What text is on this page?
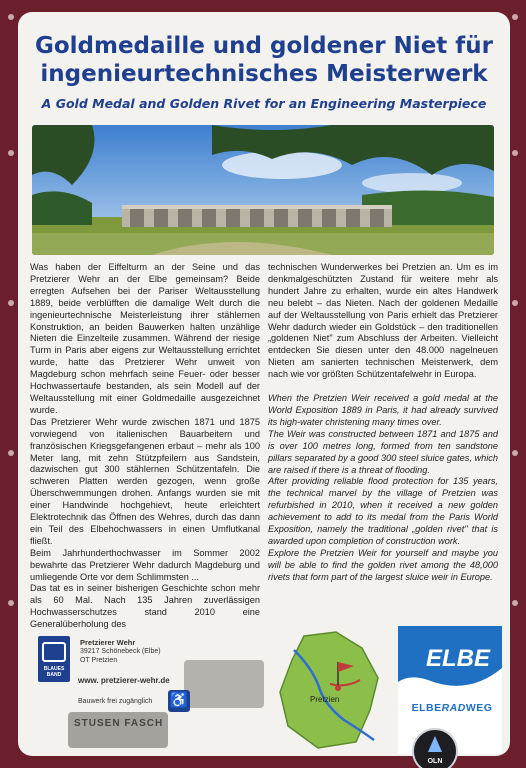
Goldmedaille und goldener Niet für
ingenieurtechnisches Meisterwerk
A Gold Medal and Golden Rivet for an Engineering Masterpiece

Was haben der Eiffelturm an der Seine und das Pretzierer Wehr an der Elbe gemeinsam? Beide erregten Aufsehen bei der Pariser Weltausstellung 1889, beide verblüfften die damalige Welt durch die ingenieurtechnische Meisterleistung ihrer stählernen Konstruktion, an beiden Bauwerken halten unzählige Nieten die Einzelteile zusammen. Während der riesige Turm in Paris aber eigens zur Weltausstellung errichtet wurde, hatte das Pretzierer Wehr unweit von Magdeburg schon mehrfach seine Feuer- oder besser Hochwassertaufe bestanden, als sein Modell auf der Weltausstellung mit einer Goldmedaille ausgezeichnet wurde.

Das Pretzierer Wehr wurde zwischen 1871 und 1875 vorwiegend von italienischen Bauarbeitern und französischen Kriegsgefangenen erbaut – mehr als 100 Meter lang, mit zehn Stützpfeilern aus Sandstein, dazwischen gut 300 stählernen Schützentafeln. Die schweren Platten werden gezogen, wenn große Überschwemmungen drohen. Anfangs wurden sie mit einer Handwinde hochgehievt, heute erleichtert Elektrotechnik das Öffnen des Wehres, durch das dann ein Teil des Elbehochwassers in einen Umflutkanal fließt.

Beim Jahrhunderthochwasser im Sommer 2002 bewahrte das Pretzierer Wehr dadurch Magdeburg und umliegende Orte vor dem Schlimmsten ...

Das tat es in seiner bisherigen Geschichte schon mehr als 60 Mal. Nach 135 Jahren zuverlässigen Hochwasserschutzes stand 2010 eine Generalüberholung des

technischen Wunderwerkes bei Pretzien an. Um es im denkmalgeschützten Zustand für weitere mehr als hundert Jahre zu erhalten, wurde ein altes Handwerk neu belebt – das Nieten. Nach der goldenen Medaille auf der Weltausstellung von Paris erhielt das Pretzierer Wehr dadurch wieder ein Goldstück – den traditionellen „goldenen Niet" zum Abschluss der Arbeiten. Vielleicht entdecken Sie diesen unter den 48.000 nagelneuen Nieten am sanierten technischen Meisterwerk, dem nach wie vor größten Schützentafelwehr in Europa.

When the Pretzien Weir received a gold medal at the World Exposition 1889 in Paris, it had already survived its high-water christening many times over.

The Weir was constructed between 1871 and 1875 and is over 100 metres long, formed from ten sandstone pillars separated by a good 300 steel sluice gates, which are raised if there is a threat of flooding.

After providing reliable flood protection for 135 years, the technical marvel by the village of Pretzien was refurbished in 2010, when it received a new golden achievement to add to its medal from the Paris World Exposition, namely the traditional „golden rivet" that is awarded upon completion of construction work.

Explore the Pretzien Weir for yourself and maybe you will be able to find the golden rivet among the 48,000 rivets that form part of the largest sluice weir in Europe.

BLAUES BAND
Pretzierer Wehr
39217 Schönebeck (Elbe)
OT Pretzien
www. pretzierer-wehr.de
Bauwerk frei zugänglich ♿
STUSEN FASCH
Pretzien
ELBE
ELBERADWEG
OLN
